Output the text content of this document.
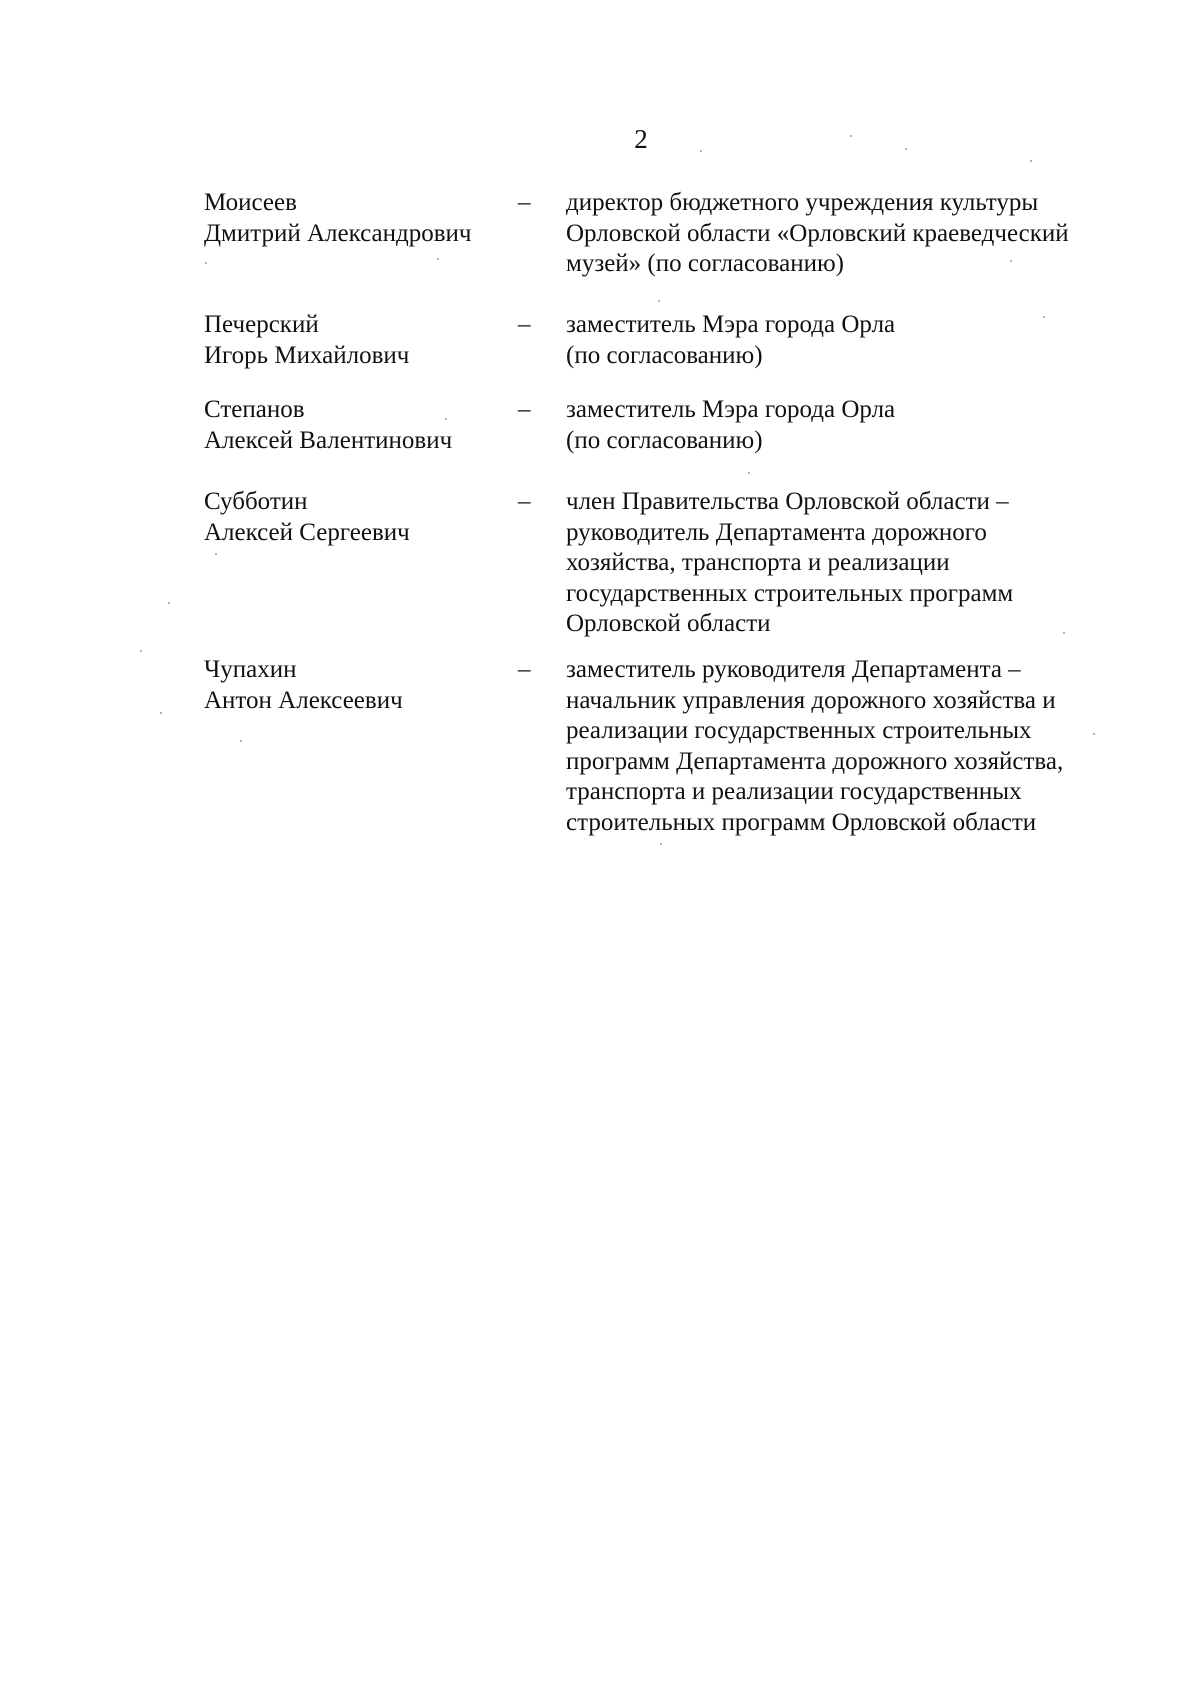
2
Моисеев
Дмитрий Александрович
– директор бюджетного учреждения культуры
Орловской области «Орловский краеведческий
музей» (по согласованию)
Печерский
Игорь Михайлович
– заместитель Мэра города Орла
(по согласованию)
Степанов
Алексей Валентинович
– заместитель Мэра города Орла
(по согласованию)
Субботин
Алексей Сергеевич
– член Правительства Орловской области –
руководитель Департамента дорожного
хозяйства, транспорта и реализации
государственных строительных программ
Орловской области
Чупахин
Антон Алексеевич
– заместитель руководителя Департамента –
начальник управления дорожного хозяйства и
реализации государственных строительных
программ Департамента дорожного хозяйства,
транспорта и реализации государственных
строительных программ Орловской области
